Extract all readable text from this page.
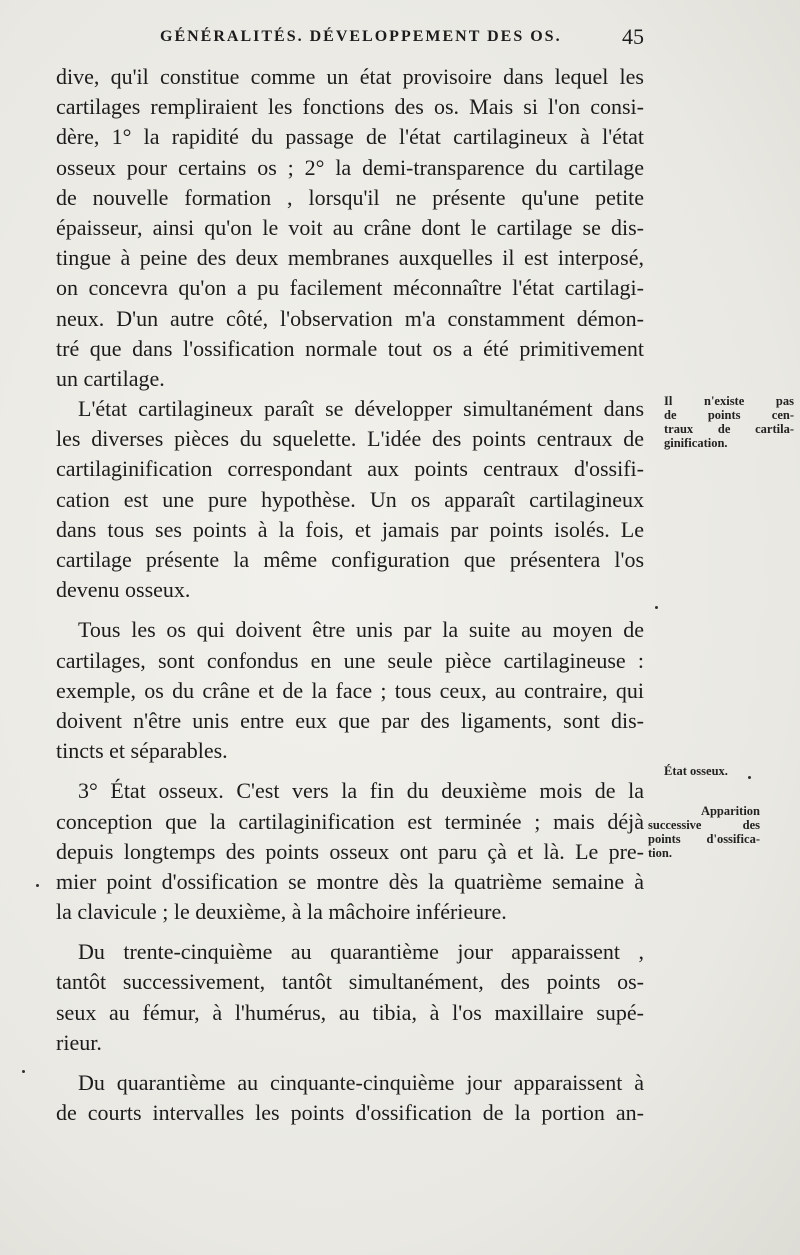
GÉNÉRALITÉS. DÉVELOPPEMENT DES OS.	45
dive, qu'il constitue comme un état provisoire dans lequel les
cartilages rempliraient les fonctions des os. Mais si l'on consi-
dère, 1° la rapidité du passage de l'état cartilagineux à l'état
osseux pour certains os ; 2° la demi-transparence du cartilage
de nouvelle formation , lorsqu'il ne présente qu'une petite
épaisseur, ainsi qu'on le voit au crâne dont le cartilage se dis-
tingue à peine des deux membranes auxquelles il est interposé,
on concevra qu'on a pu facilement méconnaître l'état cartilagi-
neux. D'un autre côté, l'observation m'a constamment démon-
tré que dans l'ossification normale tout os a été primitivement
un cartilage.
L'état cartilagineux paraît se développer simultanément dans
les diverses pièces du squelette. L'idée des points centraux de
cartilaginification correspondant aux points centraux d'ossifi-
cation est une pure hypothèse. Un os apparaît cartilagineux
dans tous ses points à la fois, et jamais par points isolés. Le
cartilage présente la même configuration que présentera l'os
devenu osseux.
Tous les os qui doivent être unis par la suite au moyen de
cartilages, sont confondus en une seule pièce cartilagineuse :
exemple, os du crâne et de la face ; tous ceux, au contraire, qui
doivent n'être unis entre eux que par des ligaments, sont dis-
tincts et séparables.
3° État osseux. C'est vers la fin du deuxième mois de la
conception que la cartilaginification est terminée ; mais déjà
depuis longtemps des points osseux ont paru çà et là. Le pre-
mier point d'ossification se montre dès la quatrième semaine à
la clavicule ; le deuxième, à la mâchoire inférieure.
Du trente-cinquième au quarantième jour apparaissent ,
tantôt successivement, tantôt simultanément, des points os-
seux au fémur, à l'humérus, au tibia, à l'os maxillaire supé-
rieur.
Du quarantième au cinquante-cinquième jour apparaissent à
de courts intervalles les points d'ossification de la portion an-
Il n'existe pas
de points cen-
traux de cartila-
ginification.
État osseux.
Apparition
successive des
points d'ossifica-
tion.
